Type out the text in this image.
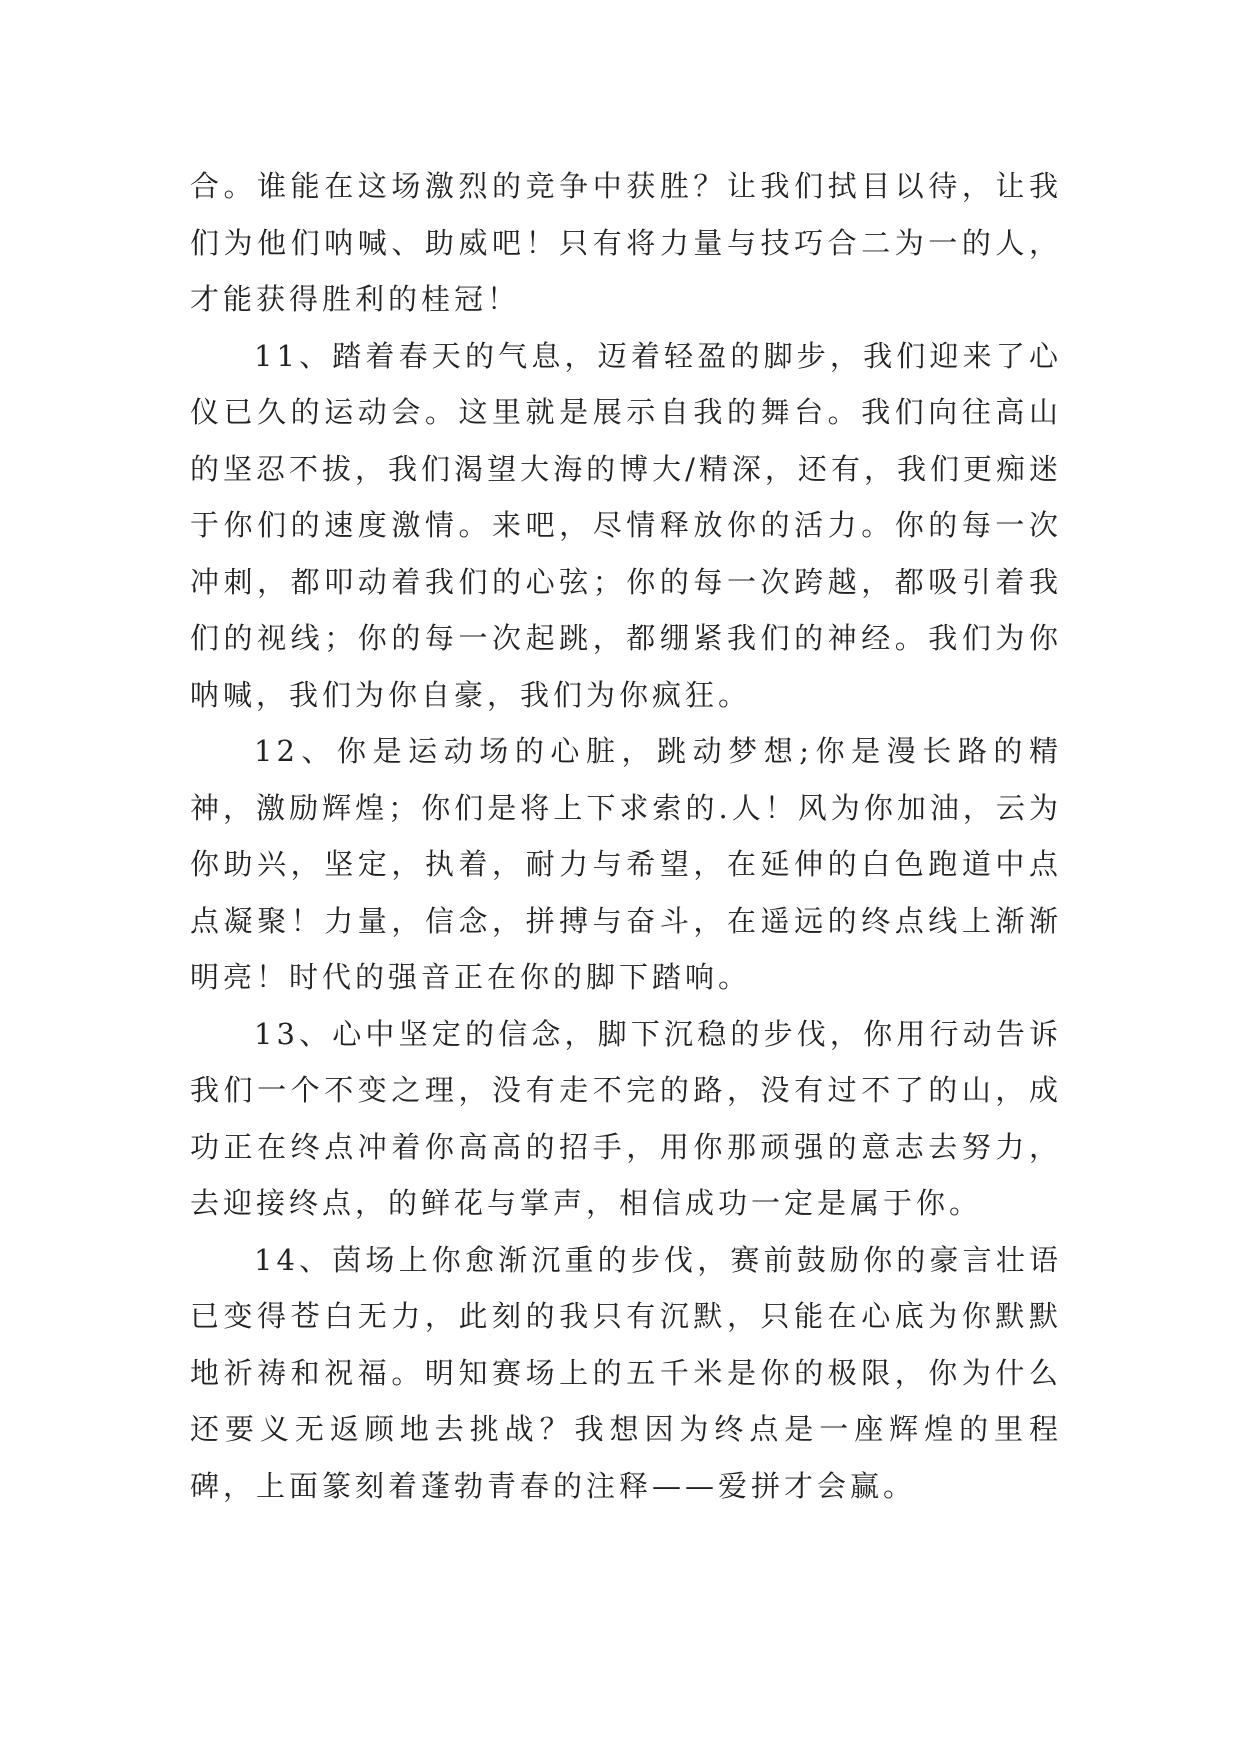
合。谁能在这场激烈的竞争中获胜？让我们拭目以待，让我们为他们呐喊、助威吧！只有将力量与技巧合二为一的人，才能获得胜利的桂冠！

11、踏着春天的气息，迈着轻盈的脚步，我们迎来了心仪已久的运动会。这里就是展示自我的舞台。我们向往高山的坚忍不拔，我们渴望大海的博大/精深，还有，我们更痴迷于你们的速度激情。来吧，尽情释放你的活力。你的每一次冲刺，都叩动着我们的心弦；你的每一次跨越，都吸引着我们的视线；你的每一次起跳，都绷紧我们的神经。我们为你呐喊，我们为你自豪，我们为你疯狂。

12、你是运动场的心脏，跳动梦想;你是漫长路的精神，激励辉煌；你们是将上下求索的.人！风为你加油，云为你助兴，坚定，执着，耐力与希望，在延伸的白色跑道中点点凝聚！力量，信念，拼搏与奋斗，在遥远的终点线上渐渐明亮！时代的强音正在你的脚下踏响。

13、心中坚定的信念，脚下沉稳的步伐，你用行动告诉我们一个不变之理，没有走不完的路，没有过不了的山，成功正在终点冲着你高高的招手，用你那顽强的意志去努力，去迎接终点，的鲜花与掌声，相信成功一定是属于你。

14、茵场上你愈渐沉重的步伐，赛前鼓励你的豪言壮语已变得苍白无力，此刻的我只有沉默，只能在心底为你默默地祈祷和祝福。明知赛场上的五千米是你的极限，你为什么还要义无返顾地去挑战？我想因为终点是一座辉煌的里程碑，上面篆刻着蓬勃青春的注释——爱拼才会赢。
